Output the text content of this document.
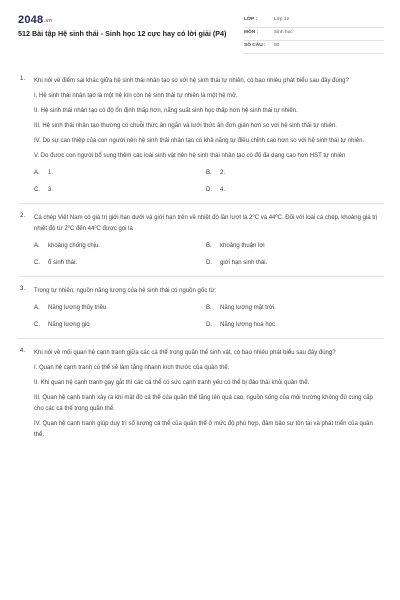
2048.vn
512 Bài tập Hệ sinh thái - Sinh học 12 cực hay có lời giải (P4)
LỚP :	Lớp 12
MÔN :	Sinh học
SỐ CÂU : 50
1. Khi nói về điểm sai khác giữa hệ sinh thái nhân tạo so với hệ sinh thái tự nhiên, có bao nhiêu phát biểu sau đây đúng?

I. Hệ sinh thái nhân tạo là một hệ kín còn hệ sinh thái tự nhiên là một hệ mở.

II. Hệ sinh thái nhân tạo có độ ổn định thấp hơn, năng suất sinh học thấp hơn hệ sinh thái tự nhiên.

III. Hệ sinh thái nhân tạo thường có chuỗi thức ăn ngắn và lưới thức ăn đơn giản hơn so với hệ sinh thái tự nhiên.

IV. Do sự can thiệp của con người nên hệ sinh thái nhân tạo có khả năng tự điều chỉnh cao hơn so với hệ sinh thái tự nhiên.

V. Do được con người bổ sung thêm các loài sinh vật nên hệ sinh thái nhân tạo có độ đa dạng cao hơn HST tự nhiên

A.	1.	B.	2.
C.	3.	D.	4.
2. Cá chép Việt Nam có giá trị giới hạn dưới và giới hạn trên về nhiệt độ lần lượt là $2^0C$ và $44^0C$. Đối với loài cá chép, khoảng giá trị nhiệt độ từ $2^0C$ đến $44^0C$ được gọi là

A.	khoảng chống chịu.	B.	khoảng thuận lợi
C.	ổ sinh thái.	D.	giới hạn sinh thái.
3. Trong tự nhiên, nguồn năng lượng của hệ sinh thái có nguồn gốc từ:

A.	Năng lượng thủy triều	B.	Năng lượng mặt trời.
C.	Năng lượng gió	D.	Năng lượng hoá học
4. Khi nói về mối quan hệ cạnh tranh giữa các cá thể trong quần thể sinh vật, có bao nhiêu phát biểu sau đây đúng?

I. Quan hệ cạnh tranh có thể sẽ làm tăng nhanh kích thước của quần thể.

II. Khi quan hệ cạnh tranh gay gắt thì các cá thể có sức cạnh tranh yếu có thể bị đào thải khỏi quần thể.

III. Quan hệ cạnh tranh xảy ra khi mật độ cá thể của quần thể tăng lên quá cao, nguồn sống của môi trường không đủ cung cấp cho các cá thể trong quần thể.

IV. Quan hệ cạnh tranh giúp duy trì số lượng cá thể của quần thể ở mức độ phù hợp, đảm bảo sự tồn tại và phát triển của quần thể.
